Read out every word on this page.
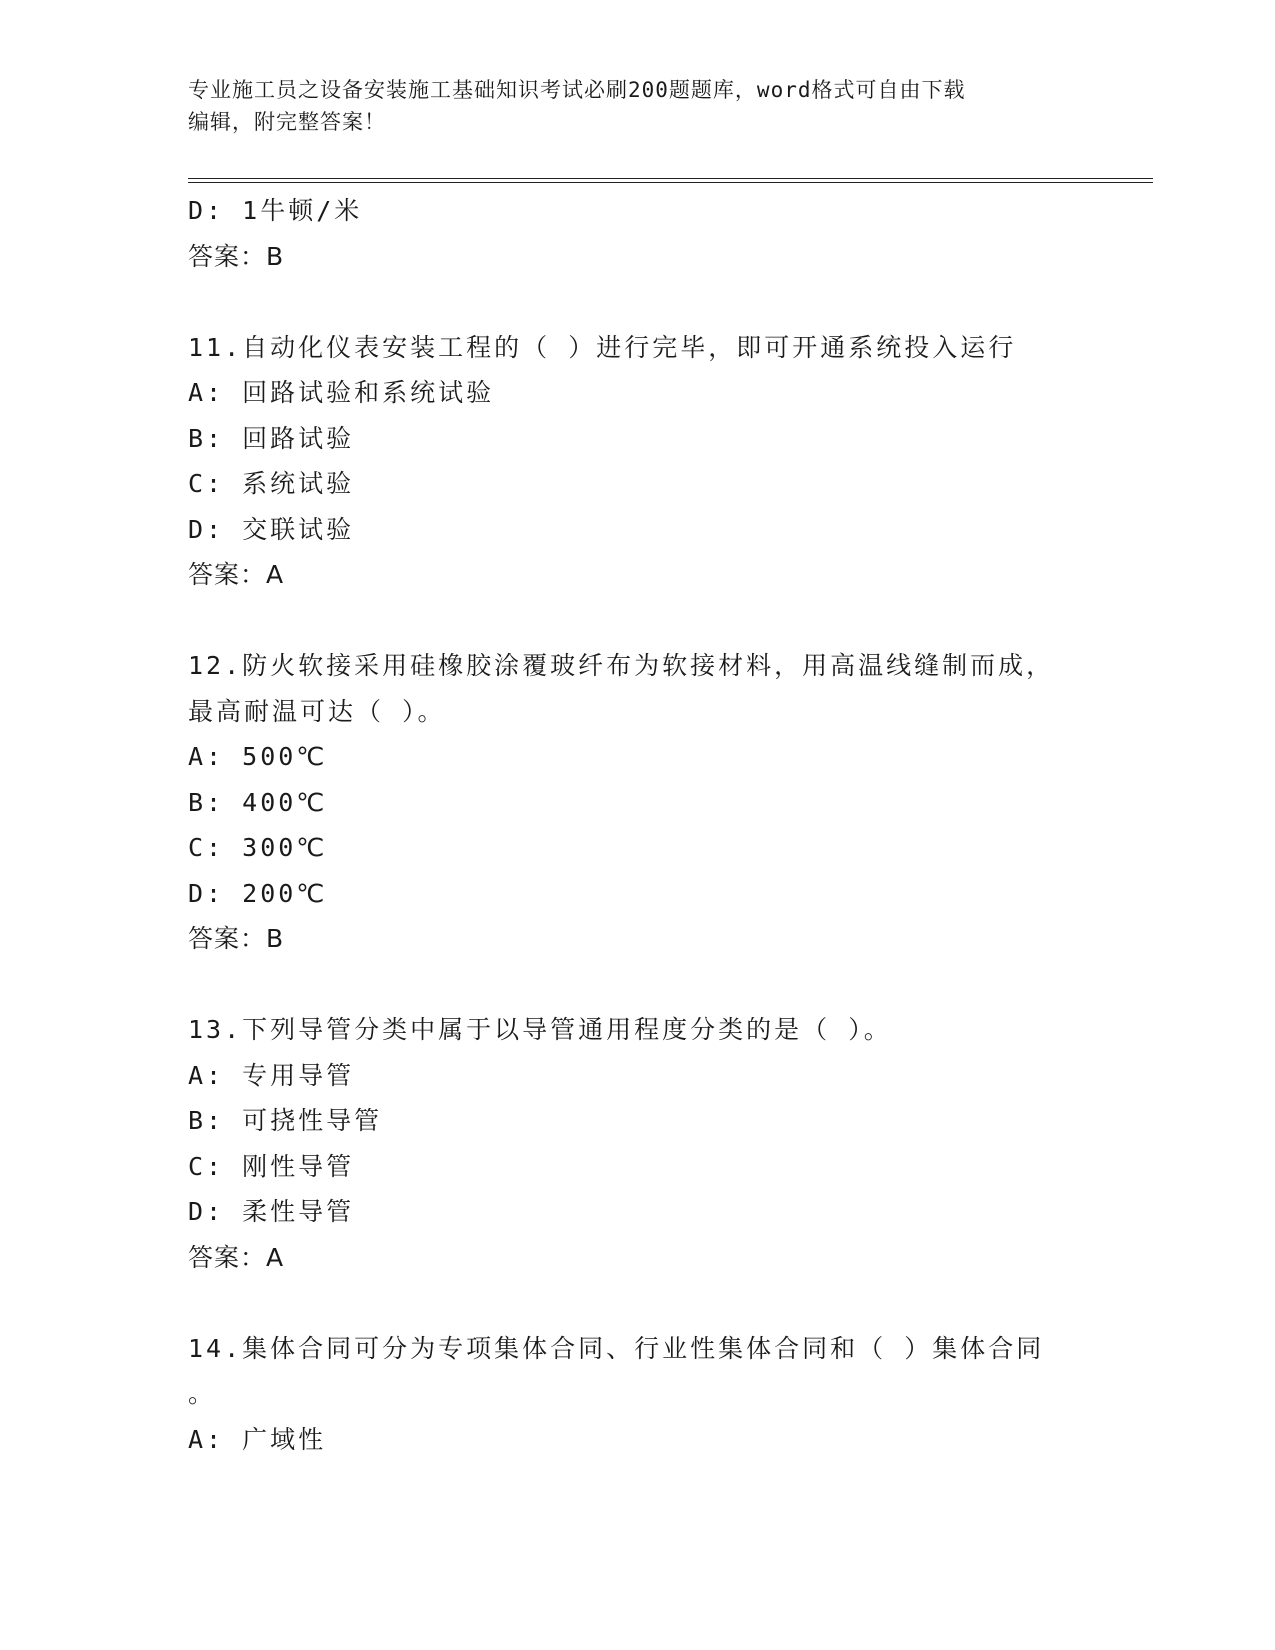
专业施工员之设备安装施工基础知识考试必刷200题题库，word格式可自由下载
编辑，附完整答案！
D: 1牛顿/米
答案：B
11.自动化仪表安装工程的（ ）进行完毕，即可开通系统投入运行
A: 回路试验和系统试验
B: 回路试验
C: 系统试验
D: 交联试验
答案：A
12.防火软接采用硅橡胶涂覆玻纤布为软接材料，用高温线缝制而成，
最高耐温可达（ ）。
A: 500℃
B: 400℃
C: 300℃
D: 200℃
答案：B
13.下列导管分类中属于以导管通用程度分类的是（ ）。
A: 专用导管
B: 可挠性导管
C: 刚性导管
D: 柔性导管
答案：A
14.集体合同可分为专项集体合同、行业性集体合同和（ ）集体合同
。
A: 广域性
